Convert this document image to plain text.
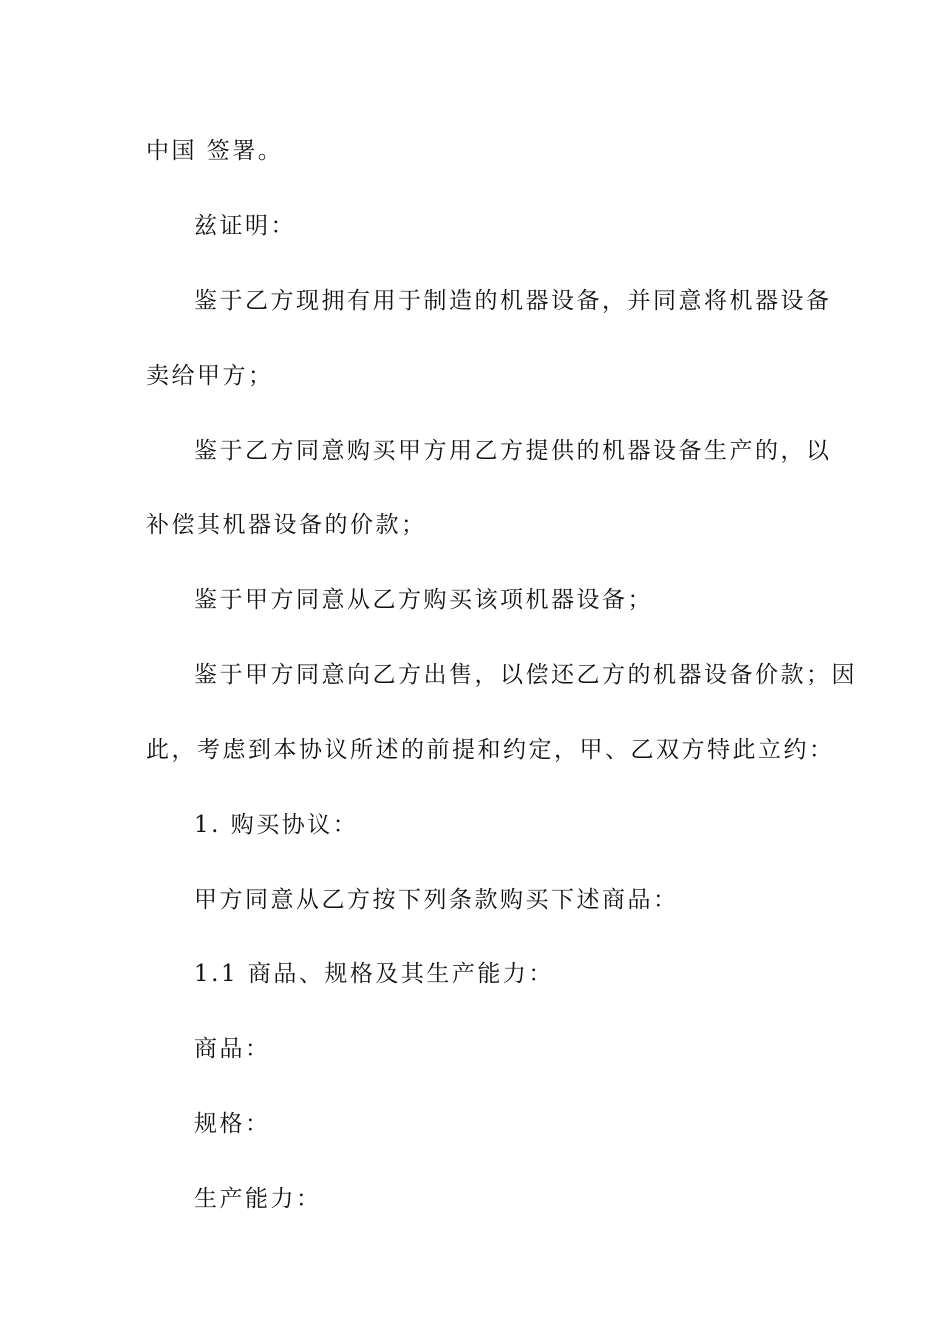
中国 签署。
兹证明：
鉴于乙方现拥有用于制造的机器设备，并同意将机器设备
卖给甲方；
鉴于乙方同意购买甲方用乙方提供的机器设备生产的，以
补偿其机器设备的价款；
鉴于甲方同意从乙方购买该项机器设备；
鉴于甲方同意向乙方出售，以偿还乙方的机器设备价款；因
此，考虑到本协议所述的前提和约定，甲、乙双方特此立约：
1. 购买协议：
甲方同意从乙方按下列条款购买下述商品：
1.1 商品、规格及其生产能力：
商品：
规格：
生产能力：
